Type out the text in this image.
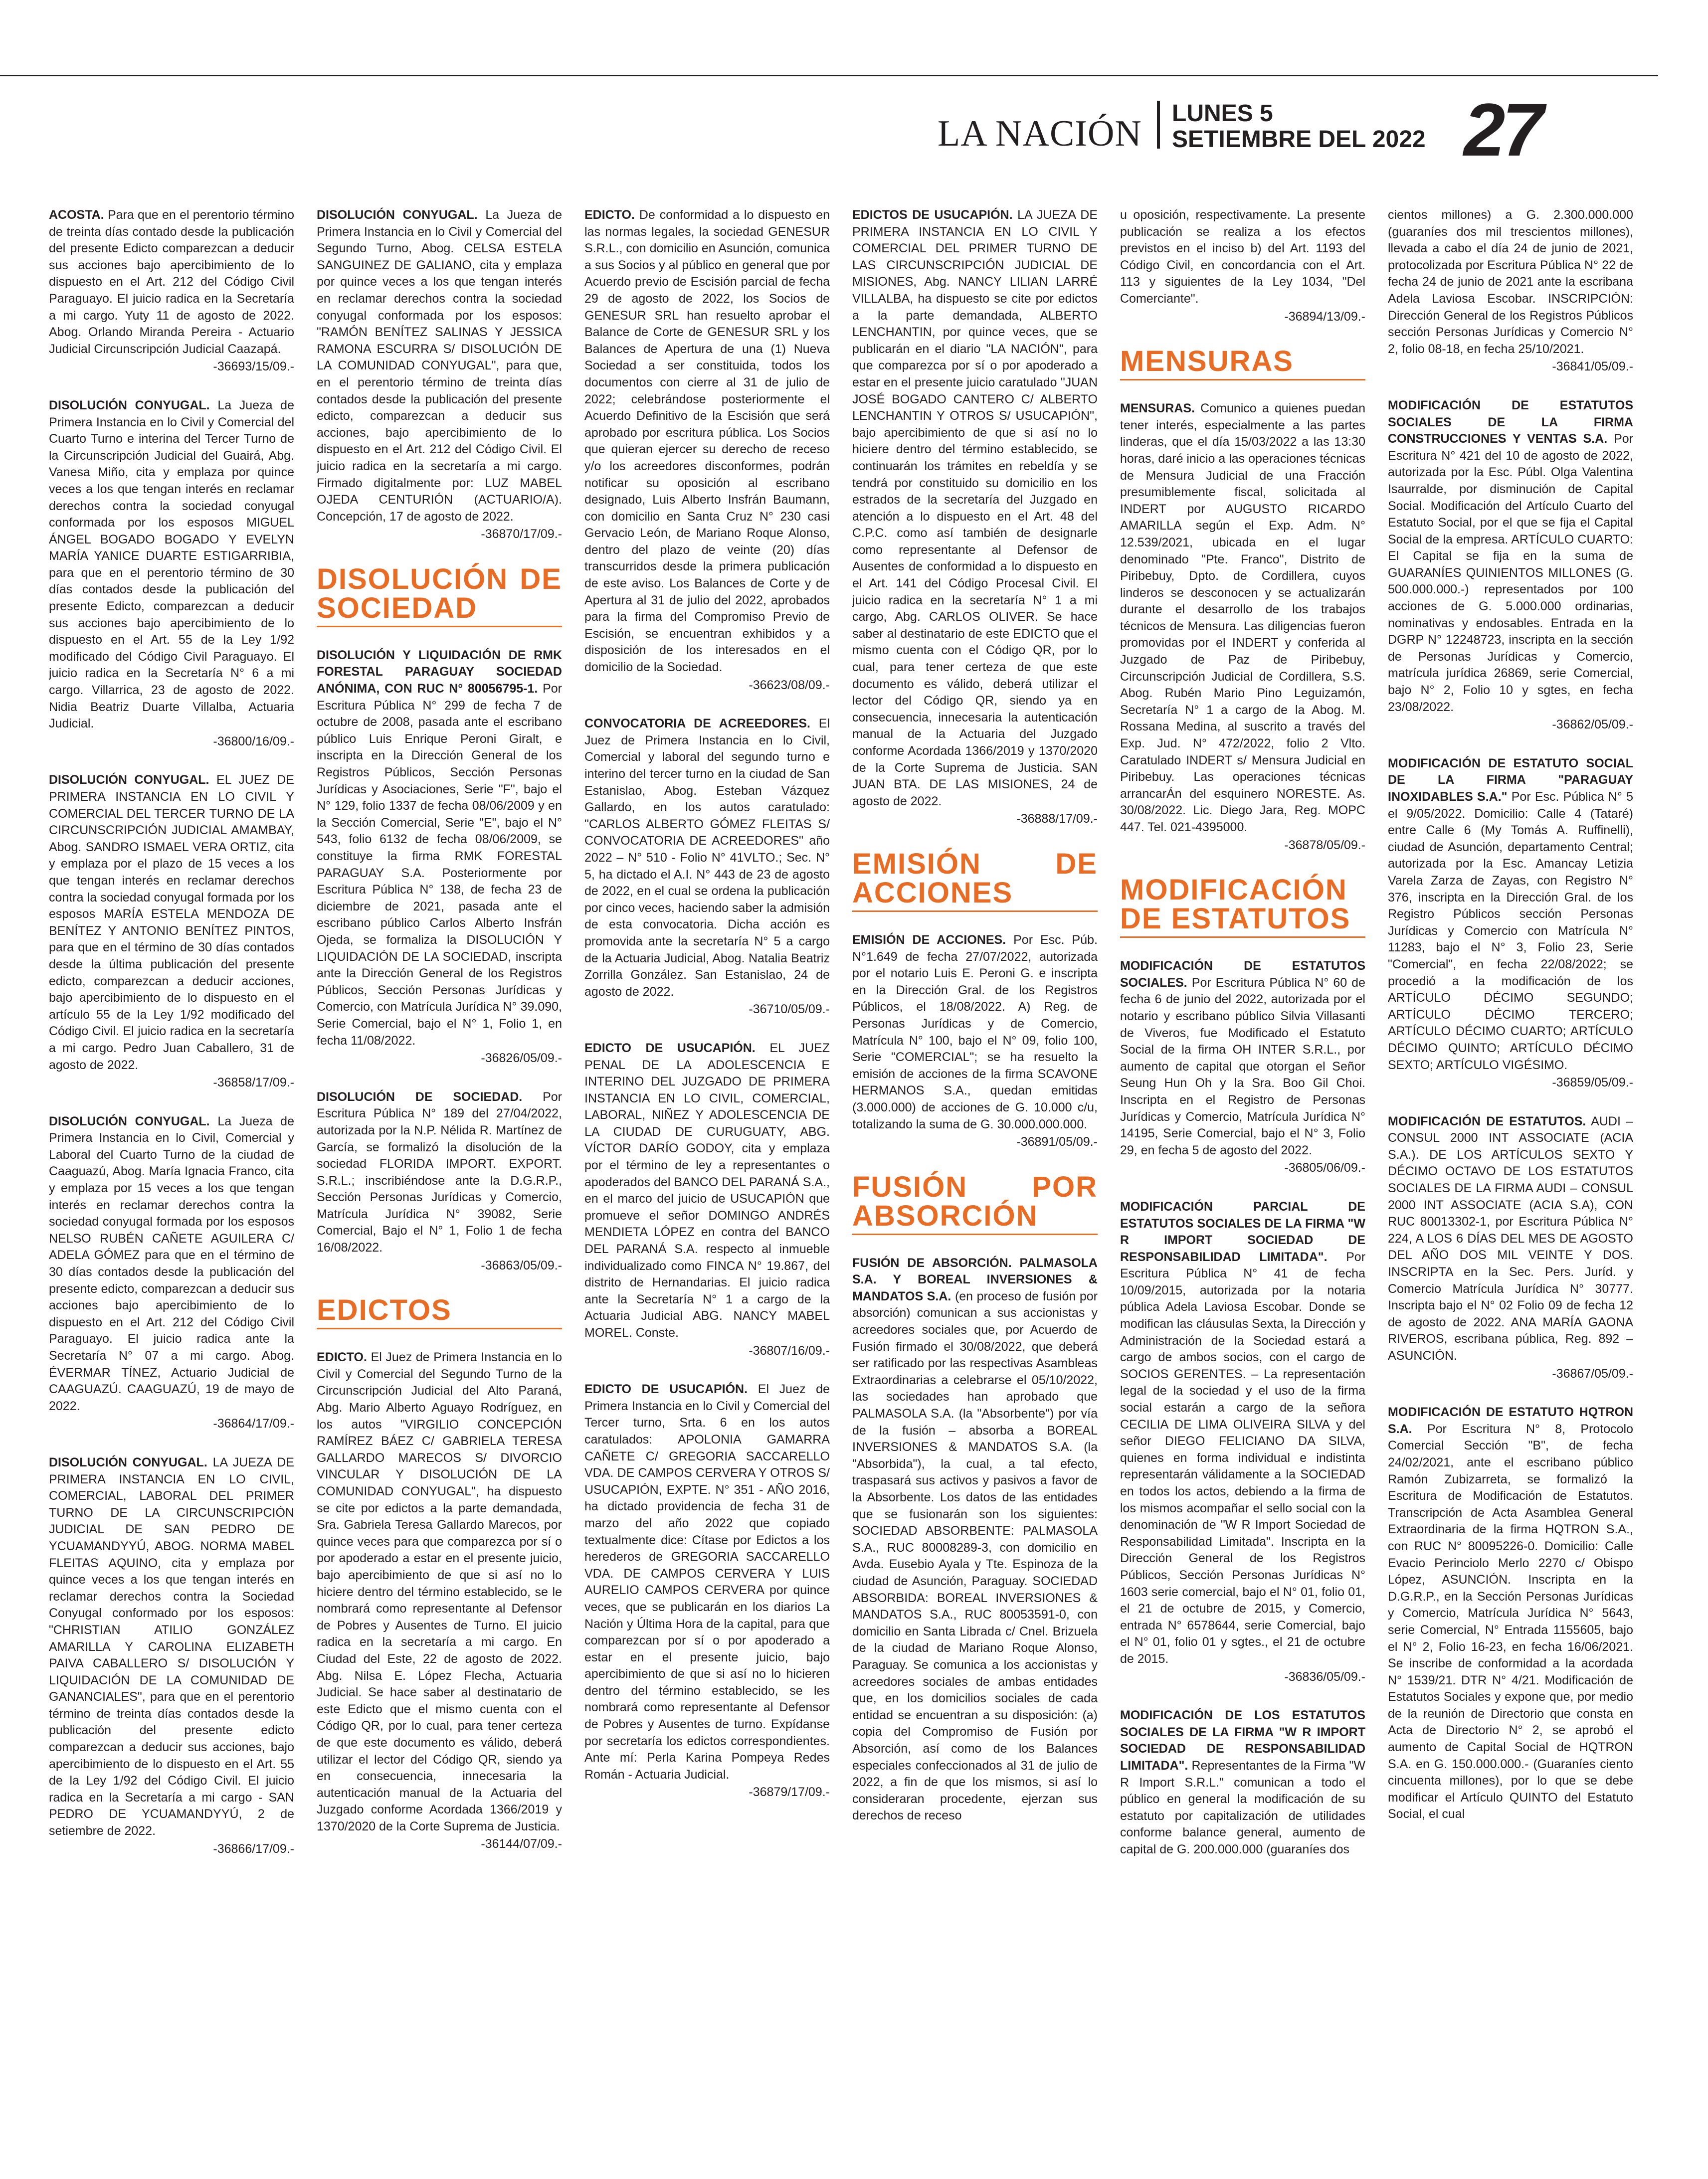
LA NACIÓN LUNES 5
SETIEMBRE DEL 2022 27

ACOSTA. Para que en el perentorio término de treinta días contado desde la publicación del presente Edicto comparezcan a deducir sus acciones bajo apercibimiento de lo dispuesto en el Art. 212 del Código Civil Paraguayo. El juicio radica en la Secretaría a mi cargo. Yuty 11 de agosto de 2022. Abog. Orlando Miranda Pereira - Actuario Judicial Circunscripción Judicial Caazapá.

-36693/15/09.-

DISOLUCIÓN CONYUGAL. La Jueza de Primera Instancia en lo Civil y Comercial del Cuarto Turno e interina del Tercer Turno de la Circunscripción Judicial del Guairá, Abg. Vanesa Miño, cita y emplaza por quince veces a los que tengan interés en reclamar derechos contra la sociedad conyugal conformada por los esposos MIGUEL ÁNGEL BOGADO BOGADO Y EVELYN MARÍA YANICE DUARTE ESTIGARRIBIA, para que en el perentorio término de 30 días contados desde la publicación del presente Edicto, comparezcan a deducir sus acciones bajo apercibimiento de lo dispuesto en el Art. 55 de la Ley 1/92 modificado del Código Civil Paraguayo. El juicio radica en la Secretaría N° 6 a mi cargo. Villarrica, 23 de agosto de 2022. Nidia Beatriz Duarte Villalba, Actuaria Judicial.

-36800/16/09.-

DISOLUCIÓN CONYUGAL. EL JUEZ DE PRIMERA INSTANCIA EN LO CIVIL Y COMERCIAL DEL TERCER TURNO DE LA CIRCUNSCRIPCIÓN JUDICIAL AMAMBAY, Abog. SANDRO ISMAEL VERA ORTIZ, cita y emplaza por el plazo de 15 veces a los que tengan interés en reclamar derechos contra la sociedad conyugal formada por los esposos MARÍA ESTELA MENDOZA DE BENÍTEZ Y ANTONIO BENÍTEZ PINTOS, para que en el término de 30 días contados desde la última publicación del presente edicto, comparezcan a deducir acciones, bajo apercibimiento de lo dispuesto en el artículo 55 de la Ley 1/92 modificado del Código Civil. El juicio radica en la secretaría a mi cargo. Pedro Juan Caballero, 31 de agosto de 2022.

-36858/17/09.-

DISOLUCIÓN CONYUGAL. La Jueza de Primera Instancia en lo Civil, Comercial y Laboral del Cuarto Turno de la ciudad de Caaguazú, Abog. María Ignacia Franco, cita y emplaza por 15 veces a los que tengan interés en reclamar derechos contra la sociedad conyugal formada por los esposos NELSO RUBÉN CAÑETE AGUILERA C/ ADELA GÓMEZ para que en el término de 30 días contados desde la publicación del presente edicto, comparezcan a deducir sus acciones bajo apercibimiento de lo dispuesto en el Art. 212 del Código Civil Paraguayo. El juicio radica ante la Secretaría N° 07 a mi cargo. Abog. ÉVERMAR TÍNEZ, Actuario Judicial de CAAGUAZÚ. CAAGUAZÚ, 19 de mayo de 2022.

-36864/17/09.-

DISOLUCIÓN CONYUGAL. LA JUEZA DE PRIMERA INSTANCIA EN LO CIVIL, COMERCIAL, LABORAL DEL PRIMER TURNO DE LA CIRCUNSCRIPCIÓN JUDICIAL DE SAN PEDRO DE YCUAMANDYYÚ, ABOG. NORMA MABEL FLEITAS AQUINO, cita y emplaza por quince veces a los que tengan interés en reclamar derechos contra la Sociedad Conyugal conformado por los esposos: "CHRISTIAN ATILIO GONZÁLEZ AMARILLA Y CAROLINA ELIZABETH PAIVA CABALLERO S/ DISOLUCIÓN Y LIQUIDACIÓN DE LA COMUNIDAD DE GANANCIALES", para que en el perentorio término de treinta días contados desde la publicación del presente edicto comparezcan a deducir sus acciones, bajo apercibimiento de lo dispuesto en el Art. 55 de la Ley 1/92 del Código Civil. El juicio radica en la Secretaría a mi cargo - SAN PEDRO DE YCUAMANDYYÚ, 2 de setiembre de 2022.

-36866/17/09.-

DISOLUCIÓN CONYUGAL. La Jueza de Primera Instancia en lo Civil y Comercial del Segundo Turno, Abog. CELSA ESTELA SANGUINEZ DE GALIANO, cita y emplaza por quince veces a los que tengan interés en reclamar derechos contra la sociedad conyugal conformada por los esposos: "RAMÓN BENÍTEZ SALINAS Y JESSICA RAMONA ESCURRA S/ DISOLUCIÓN DE LA COMUNIDAD CONYUGAL", para que, en el perentorio término de treinta días contados desde la publicación del presente edicto, comparezcan a deducir sus acciones, bajo apercibimiento de lo dispuesto en el Art. 212 del Código Civil. El juicio radica en la secretaría a mi cargo. Firmado digitalmente por: LUZ MABEL OJEDA CENTURIÓN (ACTUARIO/A). Concepción, 17 de agosto de 2022.

-36870/17/09.-
DISOLUCIÓN DE SOCIEDAD

DISOLUCIÓN Y LIQUIDACIÓN DE RMK FORESTAL PARAGUAY SOCIEDAD ANÓNIMA, CON RUC N° 80056795-1. Por Escritura Pública N° 299 de fecha 7 de octubre de 2008, pasada ante el escribano público Luis Enrique Peroni Giralt, e inscripta en la Dirección General de los Registros Públicos, Sección Personas Jurídicas y Asociaciones, Serie "F", bajo el N° 129, folio 1337 de fecha 08/06/2009 y en la Sección Comercial, Serie "E", bajo el N° 543, folio 6132 de fecha 08/06/2009, se constituye la firma RMK FORESTAL PARAGUAY S.A. Posteriormente por Escritura Pública N° 138, de fecha 23 de diciembre de 2021, pasada ante el escribano público Carlos Alberto Insfrán Ojeda, se formaliza la DISOLUCIÓN Y LIQUIDACIÓN DE LA SOCIEDAD, inscripta ante la Dirección General de los Registros Públicos, Sección Personas Jurídicas y Comercio, con Matrícula Jurídica N° 39.090, Serie Comercial, bajo el N° 1, Folio 1, en fecha 11/08/2022.

-36826/05/09.-

DISOLUCIÓN DE SOCIEDAD. Por Escritura Pública N° 189 del 27/04/2022, autorizada por la N.P. Nélida R. Martínez de García, se formalizó la disolución de la sociedad FLORIDA IMPORT. EXPORT. S.R.L.; inscribiéndose ante la D.G.R.P., Sección Personas Jurídicas y Comercio, Matrícula Jurídica N° 39082, Serie Comercial, Bajo el N° 1, Folio 1 de fecha 16/08/2022.

-36863/05/09.-
EDICTOS

EDICTO. El Juez de Primera Instancia en lo Civil y Comercial del Segundo Turno de la Circunscripción Judicial del Alto Paraná, Abg. Mario Alberto Aguayo Rodríguez, en los autos "VIRGILIO CONCEPCIÓN RAMÍREZ BÁEZ C/ GABRIELA TERESA GALLARDO MARECOS S/ DIVORCIO VINCULAR Y DISOLUCIÓN DE LA COMUNIDAD CONYUGAL", ha dispuesto se cite por edictos a la parte demandada, Sra. Gabriela Teresa Gallardo Marecos, por quince veces para que comparezca por sí o por apoderado a estar en el presente juicio, bajo apercibimiento de que si así no lo hiciere dentro del término establecido, se le nombrará como representante al Defensor de Pobres y Ausentes de Turno. El juicio radica en la secretaría a mi cargo. En Ciudad del Este, 22 de agosto de 2022. Abg. Nilsa E. López Flecha, Actuaria Judicial. Se hace saber al destinatario de este Edicto que el mismo cuenta con el Código QR, por lo cual, para tener certeza de que este documento es válido, deberá utilizar el lector del Código QR, siendo ya en consecuencia, innecesaria la autenticación manual de la Actuaria del Juzgado conforme Acordada 1366/2019 y 1370/2020 de la Corte Suprema de Justicia.

-36144/07/09.-

EDICTO. De conformidad a lo dispuesto en las normas legales, la sociedad GENESUR S.R.L., con domicilio en Asunción, comunica a sus Socios y al público en general que por Acuerdo previo de Escisión parcial de fecha 29 de agosto de 2022, los Socios de GENESUR SRL han resuelto aprobar el Balance de Corte de GENESUR SRL y los Balances de Apertura de una (1) Nueva Sociedad a ser constituida, todos los documentos con cierre al 31 de julio de 2022; celebrándose posteriormente el Acuerdo Definitivo de la Escisión que será aprobado por escritura pública. Los Socios que quieran ejercer su derecho de receso y/o los acreedores disconformes, podrán notificar su oposición al escribano designado, Luis Alberto Insfrán Baumann, con domicilio en Santa Cruz N° 230 casi Gervacio León, de Mariano Roque Alonso, dentro del plazo de veinte (20) días transcurridos desde la primera publicación de este aviso. Los Balances de Corte y de Apertura al 31 de julio del 2022, aprobados para la firma del Compromiso Previo de Escisión, se encuentran exhibidos y a disposición de los interesados en el domicilio de la Sociedad.

-36623/08/09.-

CONVOCATORIA DE ACREEDORES. El Juez de Primera Instancia en lo Civil, Comercial y laboral del segundo turno e interino del tercer turno en la ciudad de San Estanislao, Abog. Esteban Vázquez Gallardo, en los autos caratulado: "CARLOS ALBERTO GÓMEZ FLEITAS S/ CONVOCATORIA DE ACREEDORES" año 2022 – N° 510 - Folio N° 41VLTO.; Sec. N° 5, ha dictado el A.I. N° 443 de 23 de agosto de 2022, en el cual se ordena la publicación por cinco veces, haciendo saber la admisión de esta convocatoria. Dicha acción es promovida ante la secretaría N° 5 a cargo de la Actuaria Judicial, Abog. Natalia Beatriz Zorrilla González. San Estanislao, 24 de agosto de 2022.

-36710/05/09.-

EDICTO DE USUCAPIÓN. EL JUEZ PENAL DE LA ADOLESCENCIA E INTERINO DEL JUZGADO DE PRIMERA INSTANCIA EN LO CIVIL, COMERCIAL, LABORAL, NIÑEZ Y ADOLESCENCIA DE LA CIUDAD DE CURUGUATY, ABG. VÍCTOR DARÍO GODOY, cita y emplaza por el término de ley a representantes o apoderados del BANCO DEL PARANÁ S.A., en el marco del juicio de USUCAPIÓN que promueve el señor DOMINGO ANDRÉS MENDIETA LÓPEZ en contra del BANCO DEL PARANÁ S.A. respecto al inmueble individualizado como FINCA N° 19.867, del distrito de Hernandarias. El juicio radica ante la Secretaría N° 1 a cargo de la Actuaria Judicial ABG. NANCY MABEL MOREL. Conste.

-36807/16/09.-

EDICTO DE USUCAPIÓN. El Juez de Primera Instancia en lo Civil y Comercial del Tercer turno, Srta. 6 en los autos caratulados: APOLONIA GAMARRA CAÑETE C/ GREGORIA SACCARELLO VDA. DE CAMPOS CERVERA Y OTROS S/ USUCAPIÓN, EXPTE. N° 351 - AÑO 2016, ha dictado providencia de fecha 31 de marzo del año 2022 que copiado textualmente dice: Cítase por Edictos a los herederos de GREGORIA SACCARELLO VDA. DE CAMPOS CERVERA Y LUIS AURELIO CAMPOS CERVERA por quince veces, que se publicarán en los diarios La Nación y Última Hora de la capital, para que comparezcan por sí o por apoderado a estar en el presente juicio, bajo apercibimiento de que si así no lo hicieren dentro del término establecido, se les nombrará como representante al Defensor de Pobres y Ausentes de turno. Expídanse por secretaría los edictos correspondientes. Ante mí: Perla Karina Pompeya Redes Román - Actuaria Judicial.

-36879/17/09.-

EDICTOS DE USUCAPIÓN. LA JUEZA DE PRIMERA INSTANCIA EN LO CIVIL Y COMERCIAL DEL PRIMER TURNO DE LAS CIRCUNSCRIPCIÓN JUDICIAL DE MISIONES, Abg. NANCY LILIAN LARRÉ VILLALBA, ha dispuesto se cite por edictos a la parte demandada, ALBERTO LENCHANTIN, por quince veces, que se publicarán en el diario "LA NACIÓN", para que comparezca por sí o por apoderado a estar en el presente juicio caratulado "JUAN JOSÉ BOGADO CANTERO C/ ALBERTO LENCHANTIN Y OTROS S/ USUCAPIÓN", bajo apercibimiento de que si así no lo hiciere dentro del término establecido, se continuarán los trámites en rebeldía y se tendrá por constituido su domicilio en los estrados de la secretaría del Juzgado en atención a lo dispuesto en el Art. 48 del C.P.C. como así también de designarle como representante al Defensor de Ausentes de conformidad a lo dispuesto en el Art. 141 del Código Procesal Civil. El juicio radica en la secretaría N° 1 a mi cargo, Abg. CARLOS OLIVER. Se hace saber al destinatario de este EDICTO que el mismo cuenta con el Código QR, por lo cual, para tener certeza de que este documento es válido, deberá utilizar el lector del Código QR, siendo ya en consecuencia, innecesaria la autenticación manual de la Actuaria del Juzgado conforme Acordada 1366/2019 y 1370/2020 de la Corte Suprema de Justicia. SAN JUAN BTA. DE LAS MISIONES, 24 de agosto de 2022.

-36888/17/09.-
EMISIÓN DE ACCIONES

EMISIÓN DE ACCIONES. Por Esc. Púb. N°1.649 de fecha 27/07/2022, autorizada por el notario Luis E. Peroni G. e inscripta en la Dirección Gral. de los Registros Públicos, el 18/08/2022. A) Reg. de Personas Jurídicas y de Comercio, Matrícula N° 100, bajo el N° 09, folio 100, Serie "COMERCIAL"; se ha resuelto la emisión de acciones de la firma SCAVONE HERMANOS S.A., quedan emitidas (3.000.000) de acciones de G. 10.000 c/u, totalizando la suma de G. 30.000.000.000.

-36891/05/09.-
FUSIÓN POR ABSORCIÓN

FUSIÓN DE ABSORCIÓN. PALMASOLA S.A. Y BOREAL INVERSIONES & MANDATOS S.A. (en proceso de fusión por absorción) comunican a sus accionistas y acreedores sociales que, por Acuerdo de Fusión firmado el 30/08/2022, que deberá ser ratificado por las respectivas Asambleas Extraordinarias a celebrarse el 05/10/2022, las sociedades han aprobado que PALMASOLA S.A. (la "Absorbente") por vía de la fusión – absorba a BOREAL INVERSIONES & MANDATOS S.A. (la "Absorbida"), la cual, a tal efecto, traspasará sus activos y pasivos a favor de la Absorbente. Los datos de las entidades que se fusionarán son los siguientes: SOCIEDAD ABSORBENTE: PALMASOLA S.A., RUC 80008289-3, con domicilio en Avda. Eusebio Ayala y Tte. Espinoza de la ciudad de Asunción, Paraguay. SOCIEDAD ABSORBIDA: BOREAL INVERSIONES & MANDATOS S.A., RUC 80053591-0, con domicilio en Santa Librada c/ Cnel. Brizuela de la ciudad de Mariano Roque Alonso, Paraguay. Se comunica a los accionistas y acreedores sociales de ambas entidades que, en los domicilios sociales de cada entidad se encuentran a su disposición: (a) copia del Compromiso de Fusión por Absorción, así como de los Balances especiales confeccionados al 31 de julio de 2022, a fin de que los mismos, si así lo consideraran procedente, ejerzan sus derechos de receso

u oposición, respectivamente. La presente publicación se realiza a los efectos previstos en el inciso b) del Art. 1193 del Código Civil, en concordancia con el Art. 113 y siguientes de la Ley 1034, "Del Comerciante".

-36894/13/09.-
MENSURAS

MENSURAS. Comunico a quienes puedan tener interés, especialmente a las partes linderas, que el día 15/03/2022 a las 13:30 horas, daré inicio a las operaciones técnicas de Mensura Judicial de una Fracción presumiblemente fiscal, solicitada al INDERT por AUGUSTO RICARDO AMARILLA según el Exp. Adm. N° 12.539/2021, ubicada en el lugar denominado "Pte. Franco", Distrito de Piribebuy, Dpto. de Cordillera, cuyos linderos se desconocen y se actualizarán durante el desarrollo de los trabajos técnicos de Mensura. Las diligencias fueron promovidas por el INDERT y conferida al Juzgado de Paz de Piribebuy, Circunscripción Judicial de Cordillera, S.S. Abog. Rubén Mario Pino Leguizamón, Secretaría N° 1 a cargo de la Abog. M. Rossana Medina, al suscrito a través del Exp. Jud. N° 472/2022, folio 2 Vlto. Caratulado INDERT s/ Mensura Judicial en Piribebuy. Las operaciones técnicas arrancarÁn del esquinero NORESTE. As. 30/08/2022. Lic. Diego Jara, Reg. MOPC 447. Tel. 021-4395000.

-36878/05/09.-
MODIFICACIÓN DE ESTATUTOS

MODIFICACIÓN DE ESTATUTOS SOCIALES. Por Escritura Pública N° 60 de fecha 6 de junio del 2022, autorizada por el notario y escribano público Silvia Villasanti de Viveros, fue Modificado el Estatuto Social de la firma OH INTER S.R.L., por aumento de capital que otorgan el Señor Seung Hun Oh y la Sra. Boo Gil Choi. Inscripta en el Registro de Personas Jurídicas y Comercio, Matrícula Jurídica N° 14195, Serie Comercial, bajo el N° 3, Folio 29, en fecha 5 de agosto del 2022.

-36805/06/09.-

MODIFICACIÓN PARCIAL DE ESTATUTOS SOCIALES DE LA FIRMA "W R IMPORT SOCIEDAD DE RESPONSABILIDAD LIMITADA". Por Escritura Pública N° 41 de fecha 10/09/2015, autorizada por la notaria pública Adela Laviosa Escobar. Donde se modifican las cláusulas Sexta, la Dirección y Administración de la Sociedad estará a cargo de ambos socios, con el cargo de SOCIOS GERENTES. – La representación legal de la sociedad y el uso de la firma social estarán a cargo de la señora CECILIA DE LIMA OLIVEIRA SILVA y del señor DIEGO FELICIANO DA SILVA, quienes en forma individual e indistinta representarán válidamente a la SOCIEDAD en todos los actos, debiendo a la firma de los mismos acompañar el sello social con la denominación de "W R Import Sociedad de Responsabilidad Limitada". Inscripta en la Dirección General de los Registros Públicos, Sección Personas Jurídicas N° 1603 serie comercial, bajo el N° 01, folio 01, el 21 de octubre de 2015, y Comercio, entrada N° 6578644, serie Comercial, bajo el N° 01, folio 01 y sgtes., el 21 de octubre de 2015.

-36836/05/09.-

MODIFICACIÓN DE LOS ESTATUTOS SOCIALES DE LA FIRMA "W R IMPORT SOCIEDAD DE RESPONSABILIDAD LIMITADA". Representantes de la Firma "W R Import S.R.L." comunican a todo el público en general la modificación de su estatuto por capitalización de utilidades conforme balance general, aumento de capital de G. 200.000.000 (guaraníes dos

cientos millones) a G. 2.300.000.000 (guaraníes dos mil trescientos millones), llevada a cabo el día 24 de junio de 2021, protocolizada por Escritura Pública N° 22 de fecha 24 de junio de 2021 ante la escribana Adela Laviosa Escobar. INSCRIPCIÓN: Dirección General de los Registros Públicos sección Personas Jurídicas y Comercio N° 2, folio 08-18, en fecha 25/10/2021.

-36841/05/09.-

MODIFICACIÓN DE ESTATUTOS SOCIALES DE LA FIRMA CONSTRUCCIONES Y VENTAS S.A. Por Escritura N° 421 del 10 de agosto de 2022, autorizada por la Esc. Públ. Olga Valentina Isaurralde, por disminución de Capital Social. Modificación del Artículo Cuarto del Estatuto Social, por el que se fija el Capital Social de la empresa. ARTÍCULO CUARTO: El Capital se fija en la suma de GUARANÍES QUINIENTOS MILLONES (G. 500.000.000.-) representados por 100 acciones de G. 5.000.000 ordinarias, nominativas y endosables. Entrada en la DGRP N° 12248723, inscripta en la sección de Personas Jurídicas y Comercio, matrícula jurídica 26869, serie Comercial, bajo N° 2, Folio 10 y sgtes, en fecha 23/08/2022.

-36862/05/09.-

MODIFICACIÓN DE ESTATUTO SOCIAL DE LA FIRMA "PARAGUAY INOXIDABLES S.A." Por Esc. Pública N° 5 el 9/05/2022. Domicilio: Calle 4 (Tataré) entre Calle 6 (My Tomás A. Ruffinelli), ciudad de Asunción, departamento Central; autorizada por la Esc. Amancay Letizia Varela Zarza de Zayas, con Registro N° 376, inscripta en la Dirección Gral. de los Registro Públicos sección Personas Jurídicas y Comercio con Matrícula N° 11283, bajo el N° 3, Folio 23, Serie "Comercial", en fecha 22/08/2022; se procedió a la modificación de los ARTÍCULO DÉCIMO SEGUNDO; ARTÍCULO DÉCIMO TERCERO; ARTÍCULO DÉCIMO CUARTO; ARTÍCULO DÉCIMO QUINTO; ARTÍCULO DÉCIMO SEXTO; ARTÍCULO VIGÉSIMO.

-36859/05/09.-

MODIFICACIÓN DE ESTATUTOS. AUDI – CONSUL 2000 INT ASSOCIATE (ACIA S.A.). DE LOS ARTÍCULOS SEXTO Y DÉCIMO OCTAVO DE LOS ESTATUTOS SOCIALES DE LA FIRMA AUDI – CONSUL 2000 INT ASSOCIATE (ACIA S.A), CON RUC 80013302-1, por Escritura Pública N° 224, A LOS 6 DÍAS DEL MES DE AGOSTO DEL AÑO DOS MIL VEINTE Y DOS. INSCRIPTA en la Sec. Pers. Juríd. y Comercio Matrícula Jurídica N° 30777. Inscripta bajo el N° 02 Folio 09 de fecha 12 de agosto de 2022. ANA MARÍA GAONA RIVEROS, escribana pública, Reg. 892 – ASUNCIÓN.

-36867/05/09.-

MODIFICACIÓN DE ESTATUTO HQTRON S.A. Por Escritura N° 8, Protocolo Comercial Sección "B", de fecha 24/02/2021, ante el escribano público Ramón Zubizarreta, se formalizó la Escritura de Modificación de Estatutos. Transcripción de Acta Asamblea General Extraordinaria de la firma HQTRON S.A., con RUC N° 80095226-0. Domicilio: Calle Evacio Perinciolo Merlo 2270 c/ Obispo López, ASUNCIÓN. Inscripta en la D.G.R.P., en la Sección Personas Jurídicas y Comercio, Matrícula Jurídica N° 5643, serie Comercial, N° Entrada 1155605, bajo el N° 2, Folio 16-23, en fecha 16/06/2021. Se inscribe de conformidad a la acordada N° 1539/21. DTR N° 4/21. Modificación de Estatutos Sociales y expone que, por medio de la reunión de Directorio que consta en Acta de Directorio N° 2, se aprobó el aumento de Capital Social de HQTRON S.A. en G. 150.000.000.- (Guaraníes ciento cincuenta millones), por lo que se debe modificar el Artículo QUINTO del Estatuto Social, el cual
